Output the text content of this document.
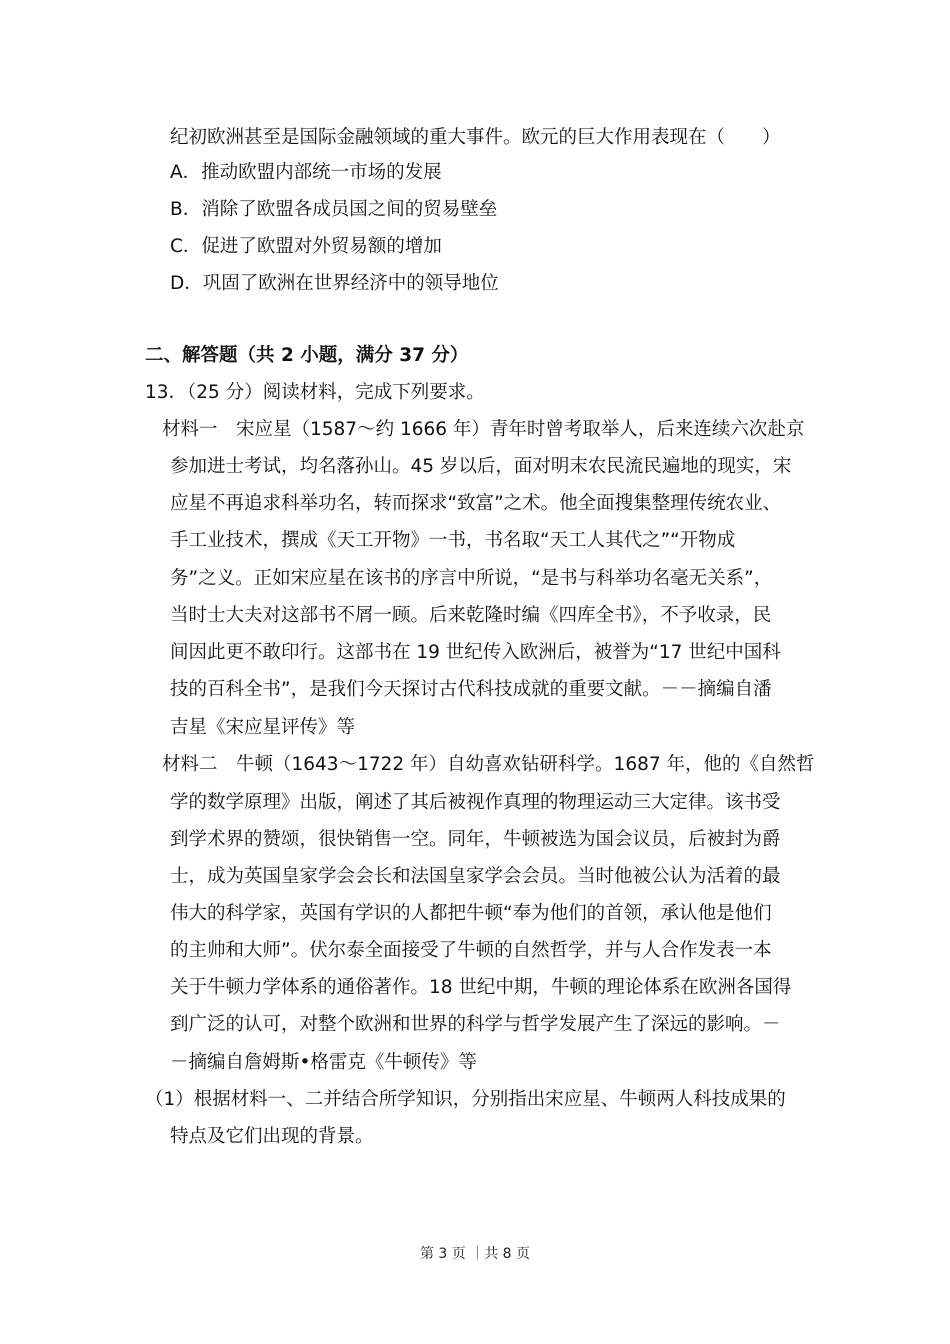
纪初欧洲甚至是国际金融领域的重大事件。欧元的巨大作用表现在（　　）
A．推动欧盟内部统一市场的发展
B．消除了欧盟各成员国之间的贸易壁垒
C．促进了欧盟对外贸易额的增加
D．巩固了欧洲在世界经济中的领导地位
二、解答题（共 2 小题，满分 37 分）
13．（25 分）阅读材料，完成下列要求。
材料一　宋应星（1587～约 1666 年）青年时曾考取举人，后来连续六次赴京
参加进士考试，均名落孙山。45 岁以后，面对明末农民流民遍地的现实，宋
应星不再追求科举功名，转而探求“致富”之术。他全面搜集整理传统农业、
手工业技术，撰成《天工开物》一书，书名取“天工人其代之”“开物成
务”之义。正如宋应星在该书的序言中所说，“是书与科举功名毫无关系”，
当时士大夫对这部书不屑一顾。后来乾隆时编《四库全书》，不予收录，民
间因此更不敢印行。这部书在 19 世纪传入欧洲后，被誉为“17 世纪中国科
技的百科全书”，是我们今天探讨古代科技成就的重要文献。－－摘编自潘
吉星《宋应星评传》等
材料二　牛顿（1643～1722 年）自幼喜欢钻研科学。1687 年，他的《自然哲
学的数学原理》出版，阐述了其后被视作真理的物理运动三大定律。该书受
到学术界的赞颂，很快销售一空。同年，牛顿被选为国会议员，后被封为爵
士，成为英国皇家学会会长和法国皇家学会会员。当时他被公认为活着的最
伟大的科学家，英国有学识的人都把牛顿“奉为他们的首领，承认他是他们
的主帅和大师”。伏尔泰全面接受了牛顿的自然哲学，并与人合作发表一本
关于牛顿力学体系的通俗著作。18 世纪中期，牛顿的理论体系在欧洲各国得
到广泛的认可，对整个欧洲和世界的科学与哲学发展产生了深远的影响。－
－摘编自詹姆斯•格雷克《牛顿传》等
（1）根据材料一、二并结合所学知识，分别指出宋应星、牛顿两人科技成果的
特点及它们出现的背景。
第 3 页 ｜共 8 页
